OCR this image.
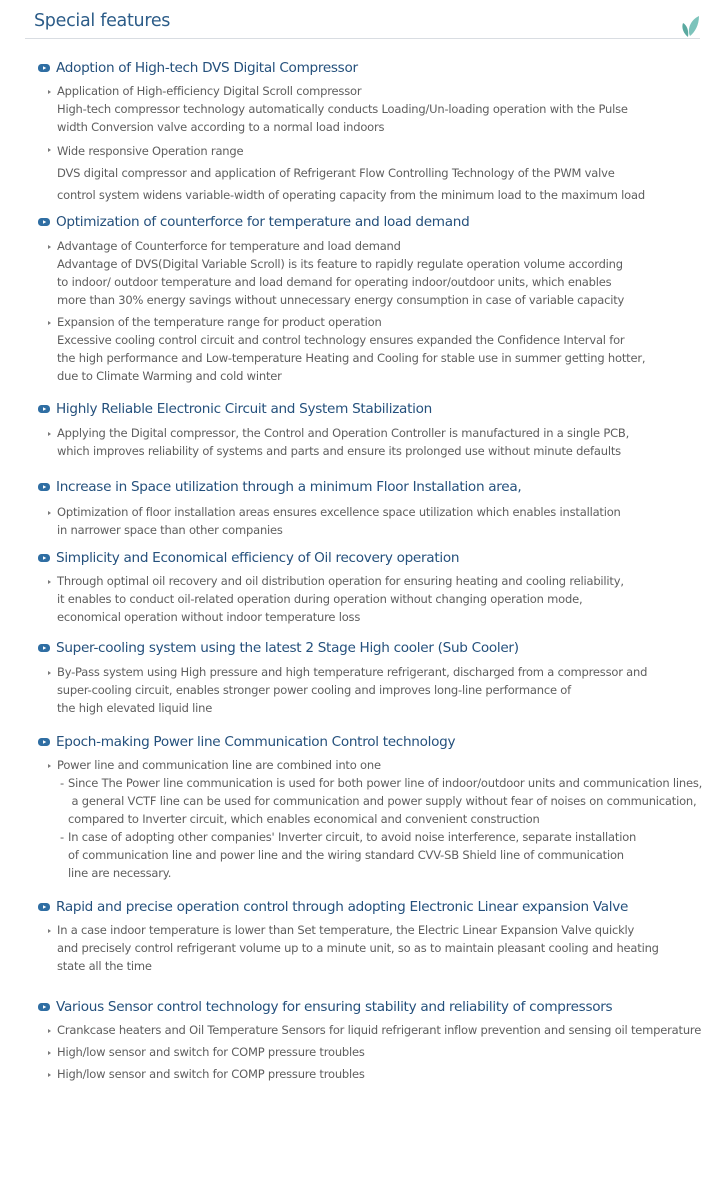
Special features
Adoption of High-tech DVS Digital Compressor
Application of High-efficiency Digital Scroll compressor
High-tech compressor technology automatically conducts Loading/Un-loading operation with the Pulse
width Conversion valve according to a normal load indoors
Wide responsive Operation range
DVS digital compressor and application of Refrigerant Flow Controlling Technology of the PWM valve
control system widens variable-width of operating capacity from the minimum load to the maximum load
Optimization of counterforce for temperature and load demand
Advantage of Counterforce for temperature and load demand
Advantage of DVS(Digital Variable Scroll) is its feature to rapidly regulate operation volume according
to indoor/ outdoor temperature and load demand for operating indoor/outdoor units, which enables
more than 30% energy savings without unnecessary energy consumption in case of variable capacity
Expansion of the temperature range for product operation
Excessive cooling control circuit and control technology ensures expanded the Confidence Interval for
the high performance and Low-temperature Heating and Cooling for stable use in summer getting hotter,
due to Climate Warming and cold winter
Highly Reliable Electronic Circuit and System Stabilization
Applying the Digital compressor, the Control and Operation Controller is manufactured in a single PCB,
which improves reliability of systems and parts and ensure its prolonged use without minute defaults
Increase in Space utilization through a minimum Floor Installation area,
Optimization of floor installation areas ensures excellence space utilization which enables installation
in narrower space than other companies
Simplicity and Economical efficiency of Oil recovery operation
Through optimal oil recovery and oil distribution operation for ensuring heating and cooling reliability,
it enables to conduct oil-related operation during operation without changing operation mode,
economical operation without indoor temperature loss
Super-cooling system using the latest 2 Stage High cooler (Sub Cooler)
By-Pass system using High pressure and high temperature refrigerant, discharged from a compressor and
super-cooling circuit, enables stronger power cooling and improves long-line performance of
the high elevated liquid line
Epoch-making Power line Communication Control technology
Power line and communication line are combined into one
- Since The Power line communication is used for both power line of indoor/outdoor units and communication lines,
a general VCTF line can be used for communication and power supply without fear of noises on communication,
compared to Inverter circuit, which enables economical and convenient construction
- In case of adopting other companies' Inverter circuit, to avoid noise interference, separate installation
of communication line and power line and the wiring standard CVV-SB Shield line of communication
line are necessary.
Rapid and precise operation control through adopting Electronic Linear expansion Valve
In a case indoor temperature is lower than Set temperature, the Electric Linear Expansion Valve quickly
and precisely control refrigerant volume up to a minute unit, so as to maintain pleasant cooling and heating
state all the time
Various Sensor control technology for ensuring stability and reliability of compressors
Crankcase heaters and Oil Temperature Sensors for liquid refrigerant inflow prevention and sensing oil temperature
High/low sensor and switch for COMP pressure troubles
High/low sensor and switch for COMP pressure troubles
